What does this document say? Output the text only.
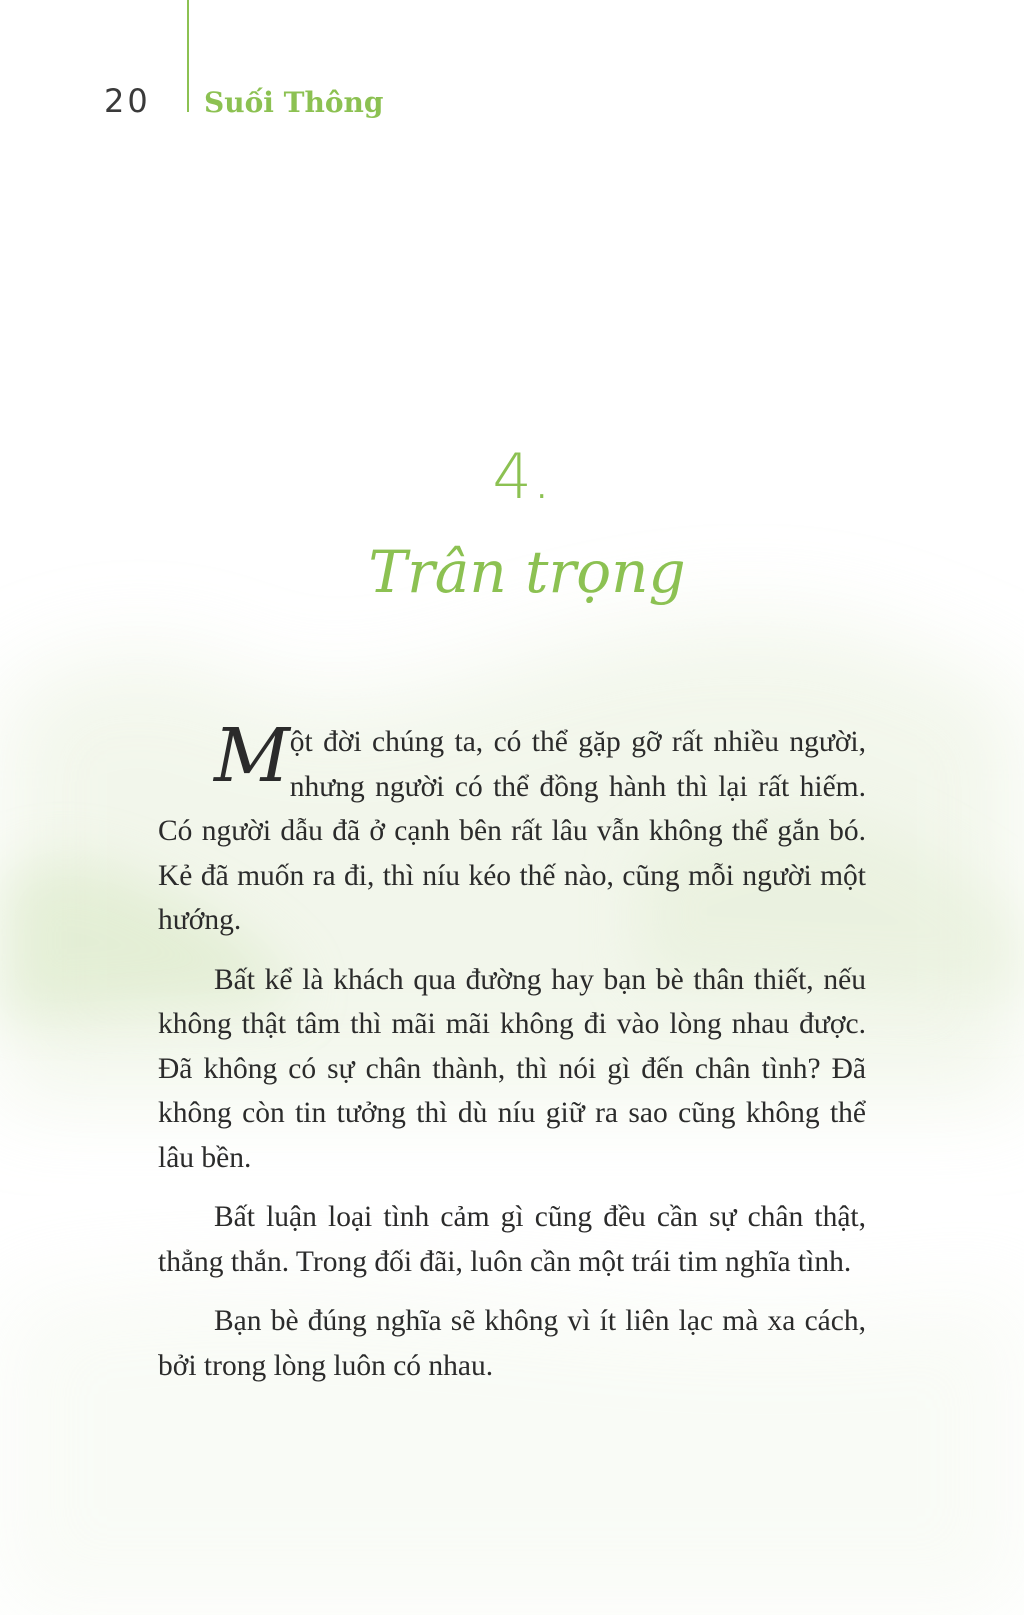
20 Suối Thông
4.
Trân trọng

Một đời chúng ta, có thể gặp gỡ rất nhiều người, nhưng người có thể đồng hành thì lại rất hiếm. Có người dẫu đã ở cạnh bên rất lâu vẫn không thể gắn bó. Kẻ đã muốn ra đi, thì níu kéo thế nào, cũng mỗi người một hướng.

Bất kể là khách qua đường hay bạn bè thân thiết, nếu không thật tâm thì mãi mãi không đi vào lòng nhau được. Đã không có sự chân thành, thì nói gì đến chân tình? Đã không còn tin tưởng thì dù níu giữ ra sao cũng không thể lâu bền.

Bất luận loại tình cảm gì cũng đều cần sự chân thật, thẳng thắn. Trong đối đãi, luôn cần một trái tim nghĩa tình.

Bạn bè đúng nghĩa sẽ không vì ít liên lạc mà xa cách, bởi trong lòng luôn có nhau.
